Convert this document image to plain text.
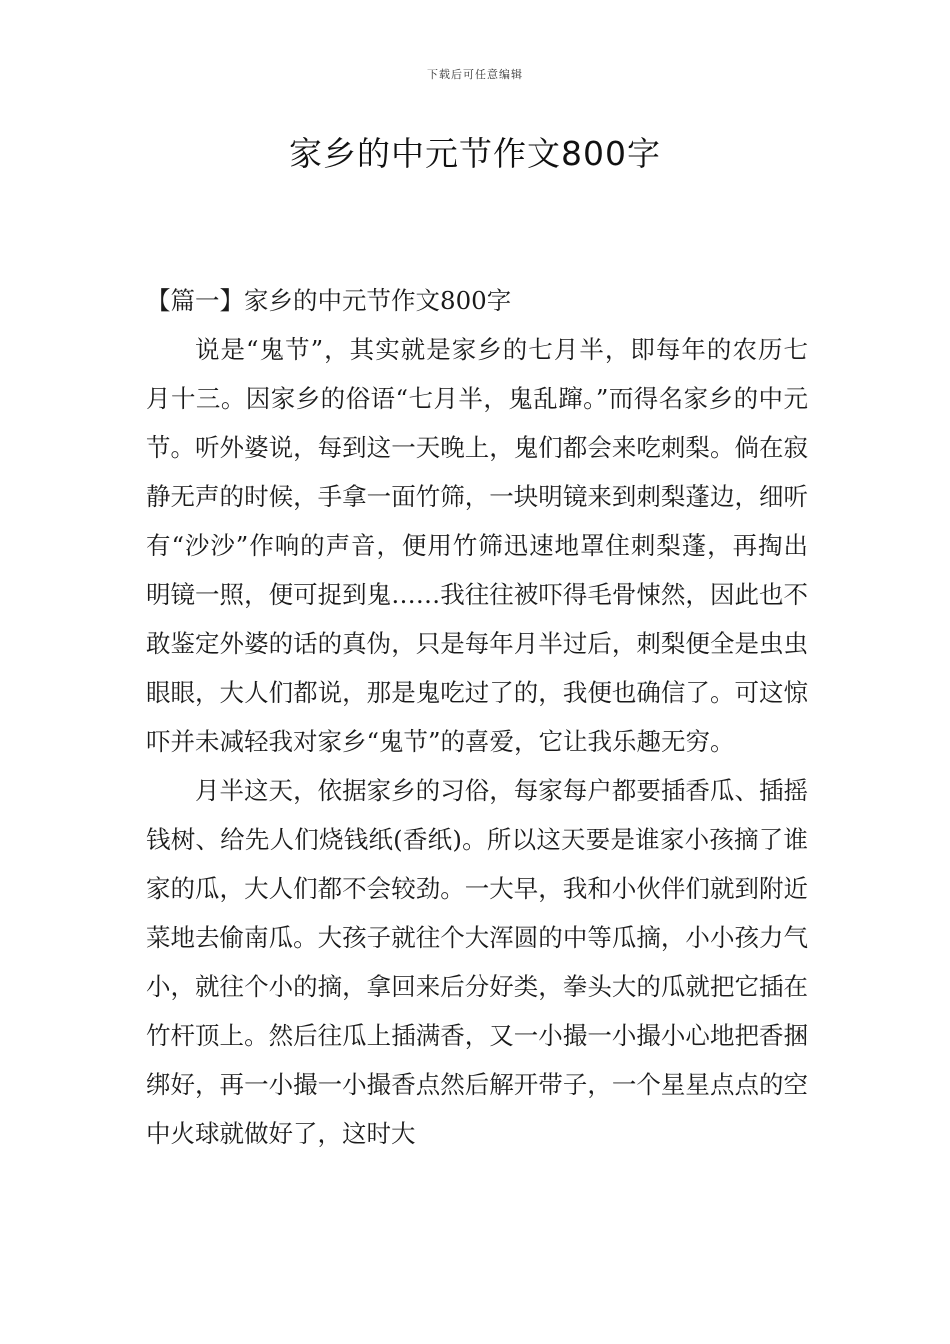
下载后可任意编辑
家乡的中元节作文800字
【篇一】家乡的中元节作文800字

说是“鬼节”，其实就是家乡的七月半，即每年的农历七月十三。因家乡的俗语“七月半，鬼乱蹿。”而得名家乡的中元节。听外婆说，每到这一天晚上，鬼们都会来吃刺梨。倘在寂静无声的时候，手拿一面竹筛，一块明镜来到刺梨蓬边，细听有“沙沙”作响的声音，便用竹筛迅速地罩住刺梨蓬，再掏出明镜一照，便可捉到鬼……我往往被吓得毛骨悚然，因此也不敢鉴定外婆的话的真伪，只是每年月半过后，刺梨便全是虫虫眼眼，大人们都说，那是鬼吃过了的，我便也确信了。可这惊吓并未减轻我对家乡“鬼节”的喜爱，它让我乐趣无穷。

月半这天，依据家乡的习俗，每家每户都要插香瓜、插摇钱树、给先人们烧钱纸(香纸)。所以这天要是谁家小孩摘了谁家的瓜，大人们都不会较劲。一大早，我和小伙伴们就到附近菜地去偷南瓜。大孩子就往个大浑圆的中等瓜摘，小小孩力气小，就往个小的摘，拿回来后分好类，拳头大的瓜就把它插在竹杆顶上。然后往瓜上插满香，又一小撮一小撮小心地把香捆绑好，再一小撮一小撮香点然后解开带子，一个星星点点的空中火球就做好了，这时大
